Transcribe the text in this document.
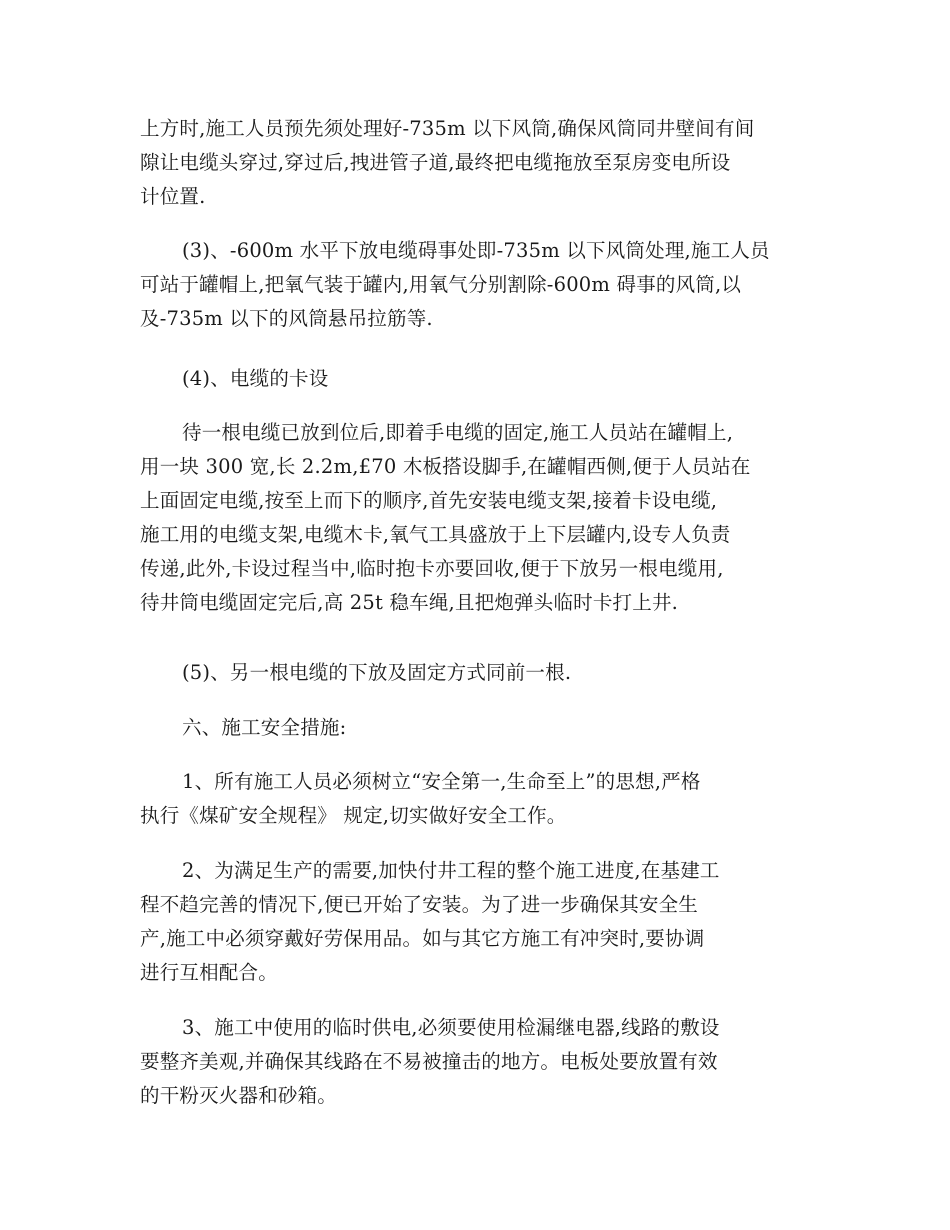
上方时,施工人员预先须处理好-735m 以下风筒,确保风筒同井壁间有间
隙让电缆头穿过,穿过后,拽进管子道,最终把电缆拖放至泵房变电所设
计位置.
(3)、-600m 水平下放电缆碍事处即-735m 以下风筒处理,施工人员
可站于罐帽上,把氧气装于罐内,用氧气分别割除-600m 碍事的风筒,以
及-735m 以下的风筒悬吊拉筋等.
(4)、电缆的卡设
待一根电缆已放到位后,即着手电缆的固定,施工人员站在罐帽上,
用一块 300 宽,长 2.2m,£70 木板搭设脚手,在罐帽西侧,便于人员站在
上面固定电缆,按至上而下的顺序,首先安装电缆支架,接着卡设电缆,
施工用的电缆支架,电缆木卡,氧气工具盛放于上下层罐内,设专人负责
传递,此外,卡设过程当中,临时抱卡亦要回收,便于下放另一根电缆用,
待井筒电缆固定完后,高 25t 稳车绳,且把炮弹头临时卡打上井.
(5)、另一根电缆的下放及固定方式同前一根.
六、施工安全措施:
1、所有施工人员必须树立“安全第一,生命至上”的思想,严格
执行《煤矿安全规程》 规定,切实做好安全工作。
2、为满足生产的需要,加快付井工程的整个施工进度,在基建工
程不趋完善的情况下,便已开始了安装。为了进一步确保其安全生
产,施工中必须穿戴好劳保用品。如与其它方施工有冲突时,要协调
进行互相配合。
3、施工中使用的临时供电,必须要使用检漏继电器,线路的敷设
要整齐美观,并确保其线路在不易被撞击的地方。电板处要放置有效
的干粉灭火器和砂箱。
